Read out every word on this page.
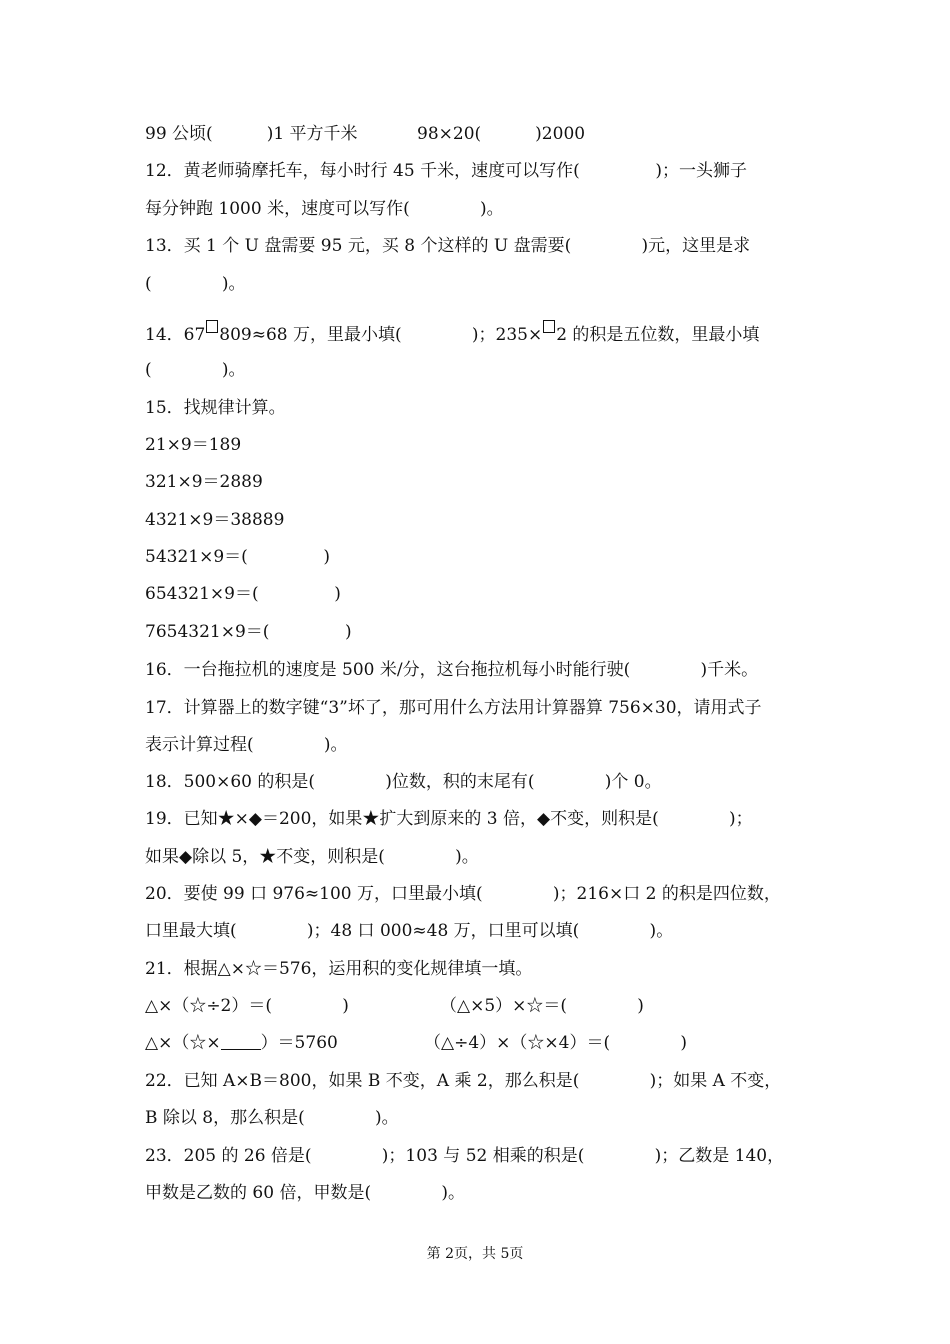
99 公顷(          )1 平方千米           98×20(          )2000
12．黄老师骑摩托车，每小时行 45 千米，速度可以写作(              )；一头狮子
每分钟跑 1000 米，速度可以写作(             )。
13．买 1 个 U 盘需要 95 元，买 8 个这样的 U 盘需要(             )元，这里是求
(             )。
14．67 809≈68 万，里最小填(             )；235× 2 的积是五位数，里最小填
(             )。
15．找规律计算。
21×9＝189
321×9＝2889
4321×9＝38889
54321×9＝(              )
654321×9＝(              )
7654321×9＝(              )
16．一台拖拉机的速度是 500 米/分，这台拖拉机每小时能行驶(             )千米。
17．计算器上的数字键“3”坏了，那可用什么方法用计算器算 756×30，请用式子
表示计算过程(             )。
18．500×60 的积是(             )位数，积的末尾有(             )个 0。
19．已知★×◆＝200，如果★扩大到原来的 3 倍，◆不变，则积是(             )；
如果◆除以 5，★不变，则积是(             )。
20．要使 99 口 976≈100 万，口里最小填(             )；216×口 2 的积是四位数，
口里最大填(             )；48 口 000≈48 万，口里可以填(             )。
21．根据△×☆＝576，运用积的变化规律填一填。
△×（☆÷2）＝(             )	（△×5）×☆＝(             )
△×（☆× ）＝5760	（△÷4）×（☆×4）＝(             )
22．已知 A×B＝800，如果 B 不变，A 乘 2，那么积是(             )；如果 A 不变，
B 除以 8，那么积是(             )。
23．205 的 26 倍是(             )；103 与 52 相乘的积是(             )；乙数是 140，
甲数是乙数的 60 倍，甲数是(             )。
第 2页，共 5页
